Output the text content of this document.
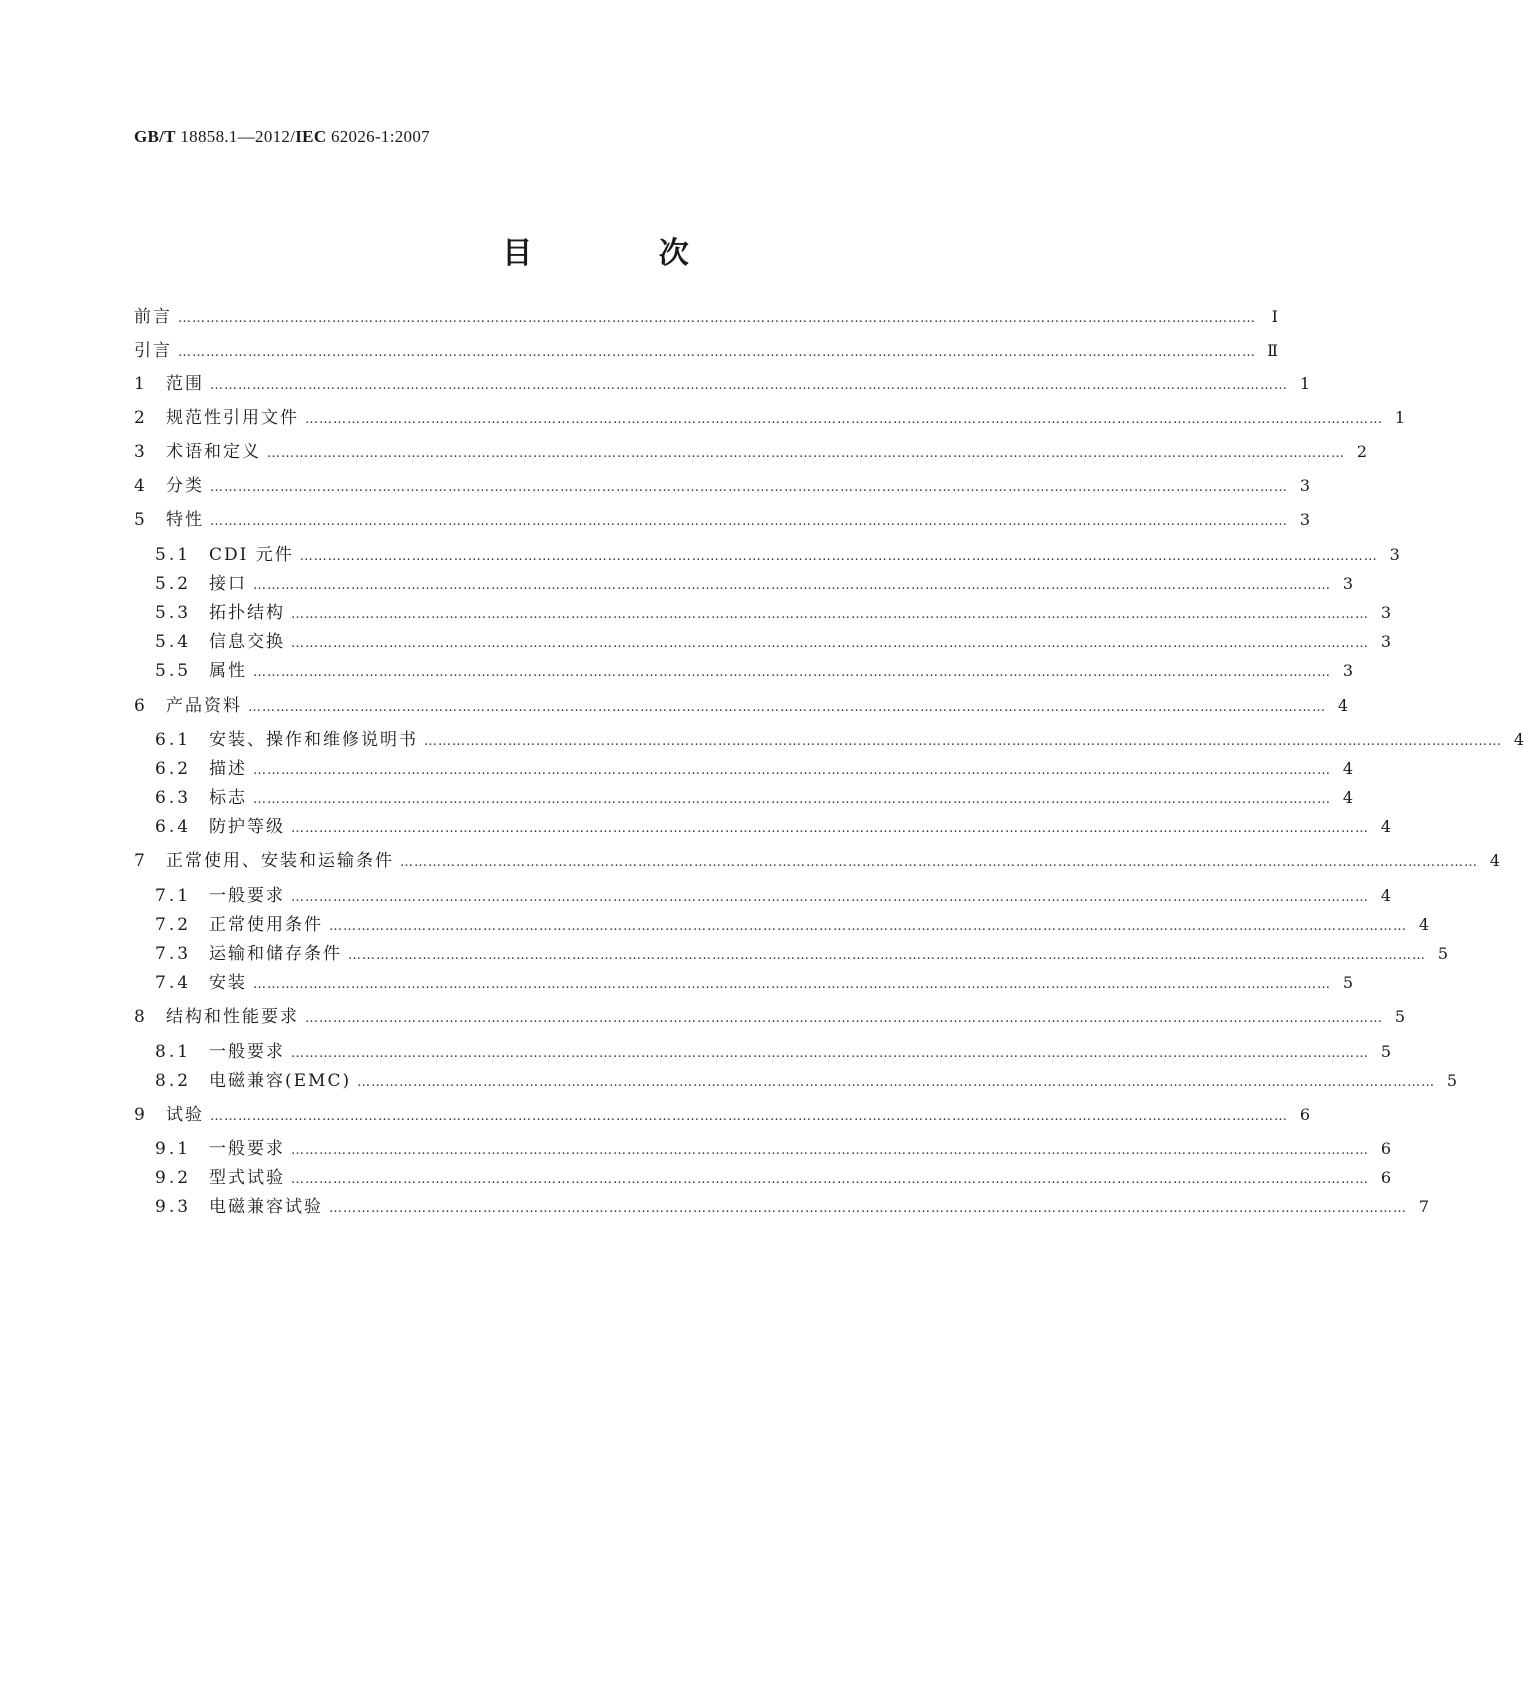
GB/T 18858.1—2012/IEC 62026-1:2007
目 次
前言 …………………………………………………………………………………………………………………………………………………………………………………………………………… Ⅰ
引言 …………………………………………………………………………………………………………………………………………………………………………………………………………… Ⅱ
1	范围 …………………………………………………………………………………………………………………………………………………………………………………………………………… 1
2	规范性引用文件 …………………………………………………………………………………………………………………………………………………………………………………………………………… 1
3	术语和定义 …………………………………………………………………………………………………………………………………………………………………………………………………………… 2
4	分类 …………………………………………………………………………………………………………………………………………………………………………………………………………… 3
5	特性 …………………………………………………………………………………………………………………………………………………………………………………………………………… 3
5.1	CDI 元件 …………………………………………………………………………………………………………………………………………………………………………………………………………… 3
5.2	接口 …………………………………………………………………………………………………………………………………………………………………………………………………………… 3
5.3	拓扑结构 …………………………………………………………………………………………………………………………………………………………………………………………………………… 3
5.4	信息交换 …………………………………………………………………………………………………………………………………………………………………………………………………………… 3
5.5	属性 …………………………………………………………………………………………………………………………………………………………………………………………………………… 3
6	产品资料 …………………………………………………………………………………………………………………………………………………………………………………………………………… 4
6.1	安装、操作和维修说明书 …………………………………………………………………………………………………………………………………………………………………………………………………………… 4
6.2	描述 …………………………………………………………………………………………………………………………………………………………………………………………………………… 4
6.3	标志 …………………………………………………………………………………………………………………………………………………………………………………………………………… 4
6.4	防护等级 …………………………………………………………………………………………………………………………………………………………………………………………………………… 4
7	正常使用、安装和运输条件 …………………………………………………………………………………………………………………………………………………………………………………………………………… 4
7.1	一般要求 …………………………………………………………………………………………………………………………………………………………………………………………………………… 4
7.2	正常使用条件 …………………………………………………………………………………………………………………………………………………………………………………………………………… 4
7.3	运输和储存条件 …………………………………………………………………………………………………………………………………………………………………………………………………………… 5
7.4	安装 …………………………………………………………………………………………………………………………………………………………………………………………………………… 5
8	结构和性能要求 …………………………………………………………………………………………………………………………………………………………………………………………………………… 5
8.1	一般要求 …………………………………………………………………………………………………………………………………………………………………………………………………………… 5
8.2	电磁兼容(EMC) …………………………………………………………………………………………………………………………………………………………………………………………………………… 5
9	试验 …………………………………………………………………………………………………………………………………………………………………………………………………………… 6
9.1	一般要求 …………………………………………………………………………………………………………………………………………………………………………………………………………… 6
9.2	型式试验 …………………………………………………………………………………………………………………………………………………………………………………………………………… 6
9.3	电磁兼容试验 …………………………………………………………………………………………………………………………………………………………………………………………………………… 7
